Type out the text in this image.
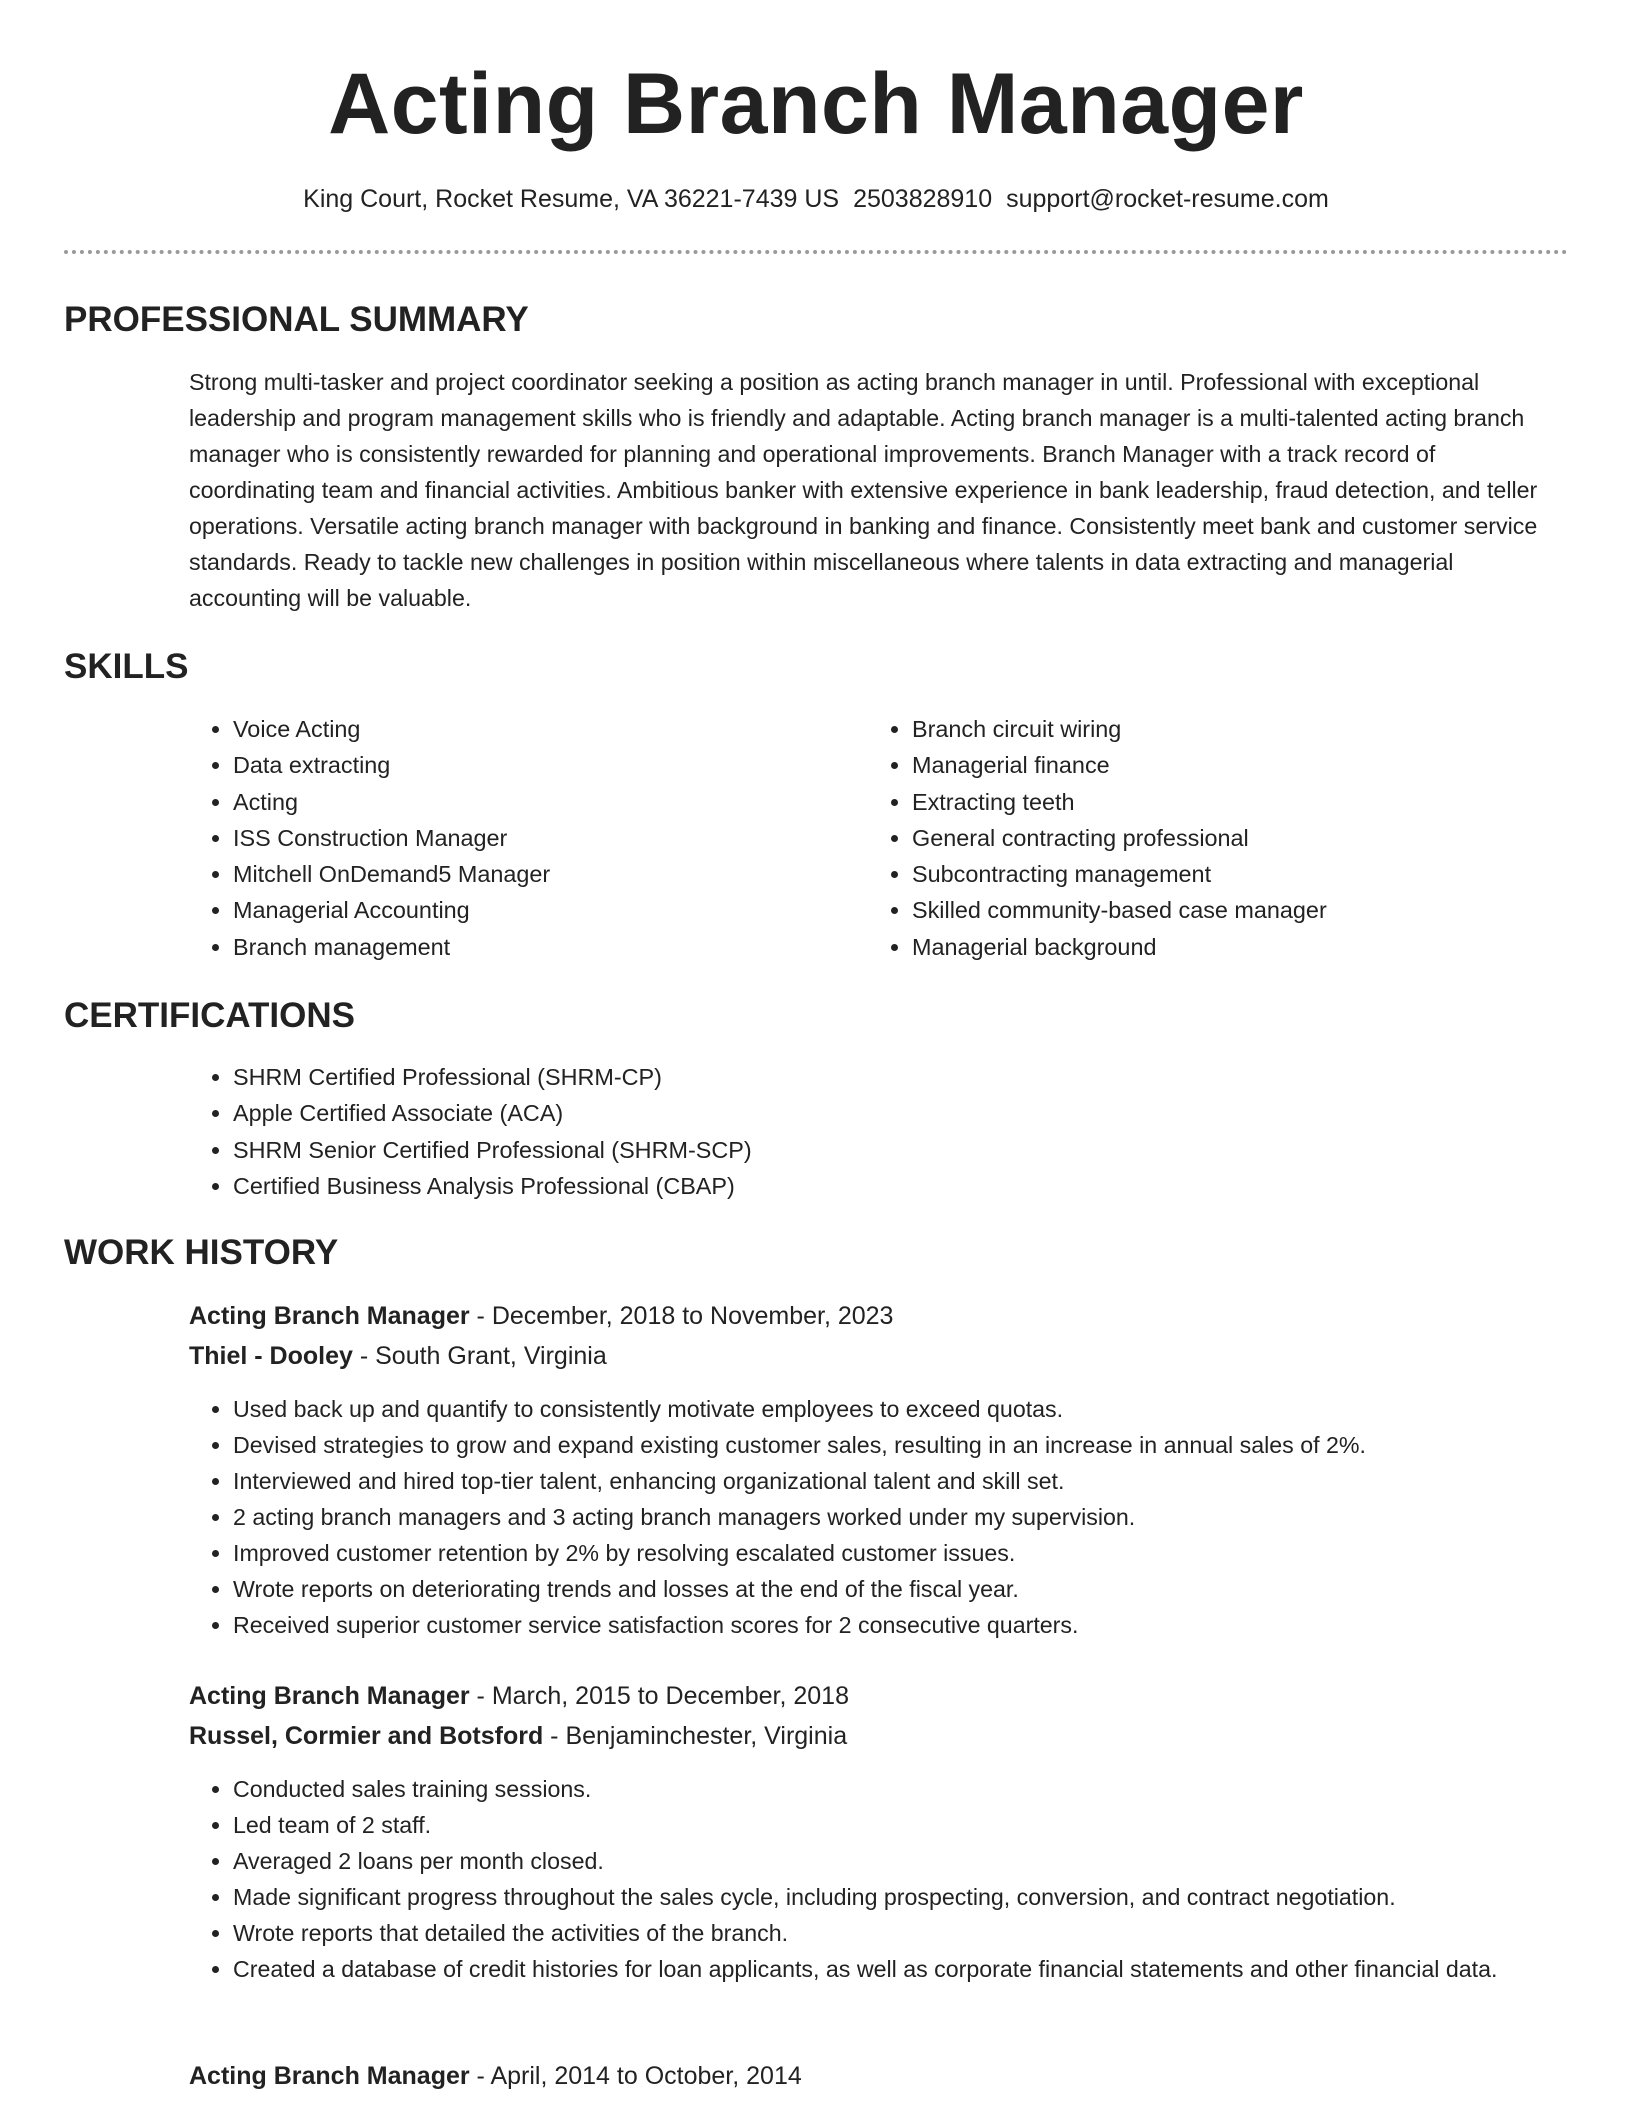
Acting Branch Manager
King Court, Rocket Resume, VA 36221-7439 US 2503828910 support@rocket-resume.com
PROFESSIONAL SUMMARY

Strong multi-tasker and project coordinator seeking a position as acting branch manager in until. Professional with exceptional leadership and program management skills who is friendly and adaptable. Acting branch manager is a multi-talented acting branch manager who is consistently rewarded for planning and operational improvements. Branch Manager with a track record of coordinating team and financial activities. Ambitious banker with extensive experience in bank leadership, fraud detection, and teller operations. Versatile acting branch manager with background in banking and finance. Consistently meet bank and customer service standards. Ready to tackle new challenges in position within miscellaneous where talents in data extracting and managerial accounting will be valuable.

SKILLS
• Voice Acting
• Data extracting
• Acting
• ISS Construction Manager
• Mitchell OnDemand5 Manager
• Managerial Accounting
• Branch management
• Branch circuit wiring
• Managerial finance
• Extracting teeth
• General contracting professional
• Subcontracting management
• Skilled community-based case manager
• Managerial background
CERTIFICATIONS
• SHRM Certified Professional (SHRM-CP)
• Apple Certified Associate (ACA)
• SHRM Senior Certified Professional (SHRM-SCP)
• Certified Business Analysis Professional (CBAP)
WORK HISTORY
Acting Branch Manager - December, 2018 to November, 2023
Thiel - Dooley - South Grant, Virginia
• Used back up and quantify to consistently motivate employees to exceed quotas.
• Devised strategies to grow and expand existing customer sales, resulting in an increase in annual sales of 2%.
• Interviewed and hired top-tier talent, enhancing organizational talent and skill set.
• 2 acting branch managers and 3 acting branch managers worked under my supervision.
• Improved customer retention by 2% by resolving escalated customer issues.
• Wrote reports on deteriorating trends and losses at the end of the fiscal year.
• Received superior customer service satisfaction scores for 2 consecutive quarters.
Acting Branch Manager - March, 2015 to December, 2018
Russel, Cormier and Botsford - Benjaminchester, Virginia
• Conducted sales training sessions.
• Led team of 2 staff.
• Averaged 2 loans per month closed.
• Made significant progress throughout the sales cycle, including prospecting, conversion, and contract negotiation.
• Wrote reports that detailed the activities of the branch.
• Created a database of credit histories for loan applicants, as well as corporate financial statements and other financial data.
Acting Branch Manager - April, 2014 to October, 2014
